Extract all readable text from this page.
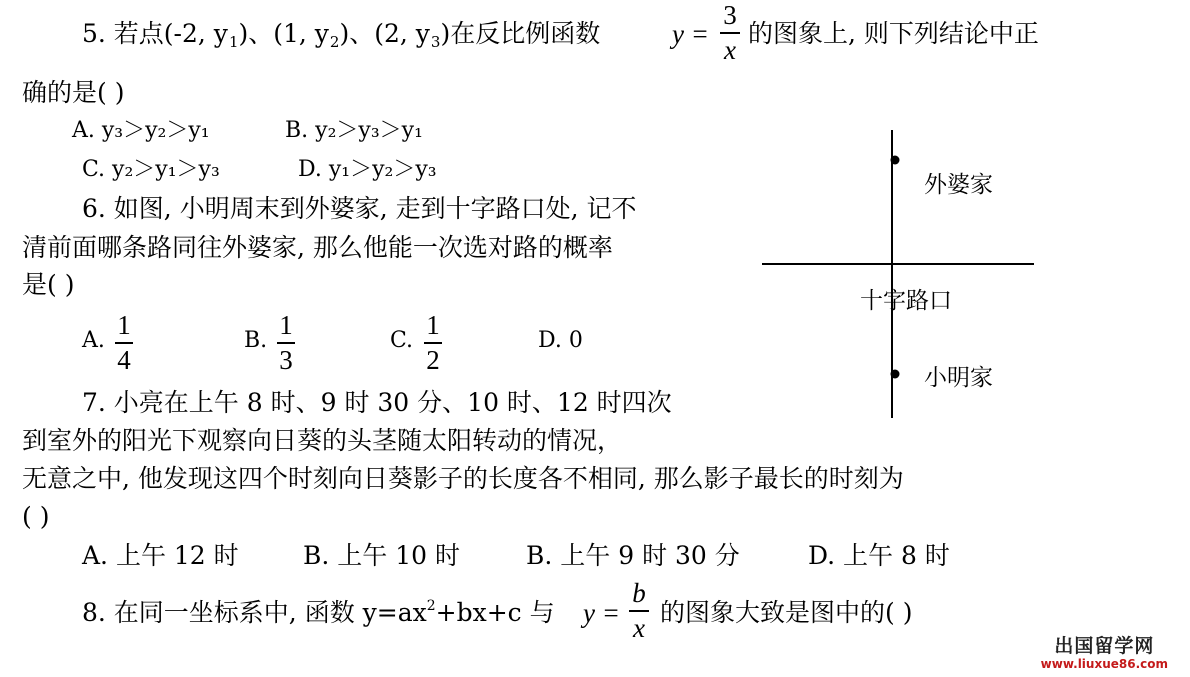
5. 若点(-2, $y_1$)、(1, $y_2$)、(2, $y_3$)在反比例函数	y =
3
x
的图象上, 则下列结论中正
确的是( )
A. y₃＞y₂＞y₁	B. y₂＞y₃＞y₁
C. y₂＞y₁＞y₃	D. y₁＞y₂＞y₃
6. 如图, 小明周末到外婆家, 走到十字路口处, 记不
清前面哪条路同往外婆家, 那么他能一次选对路的概率
是( )
A.
1
4
B.
1
3
C.
1
2
D. 0
外婆家
十字路口
小明家
7. 小亮在上午 8 时、9 时 30 分、10 时、12 时四次
到室外的阳光下观察向日葵的头茎随太阳转动的情况，
无意之中, 他发现这四个时刻向日葵影子的长度各不相同, 那么影子最长的时刻为
( )
A. 上午 12 时	B. 上午 10 时	B. 上午 9 时 30 分	D. 上午 8 时
8. 在同一坐标系中, 函数 $y=ax^2+bx+c$ 与 y =
b
x 的图象大致是图中的( )
出国留学网
www.liuxue86.com
